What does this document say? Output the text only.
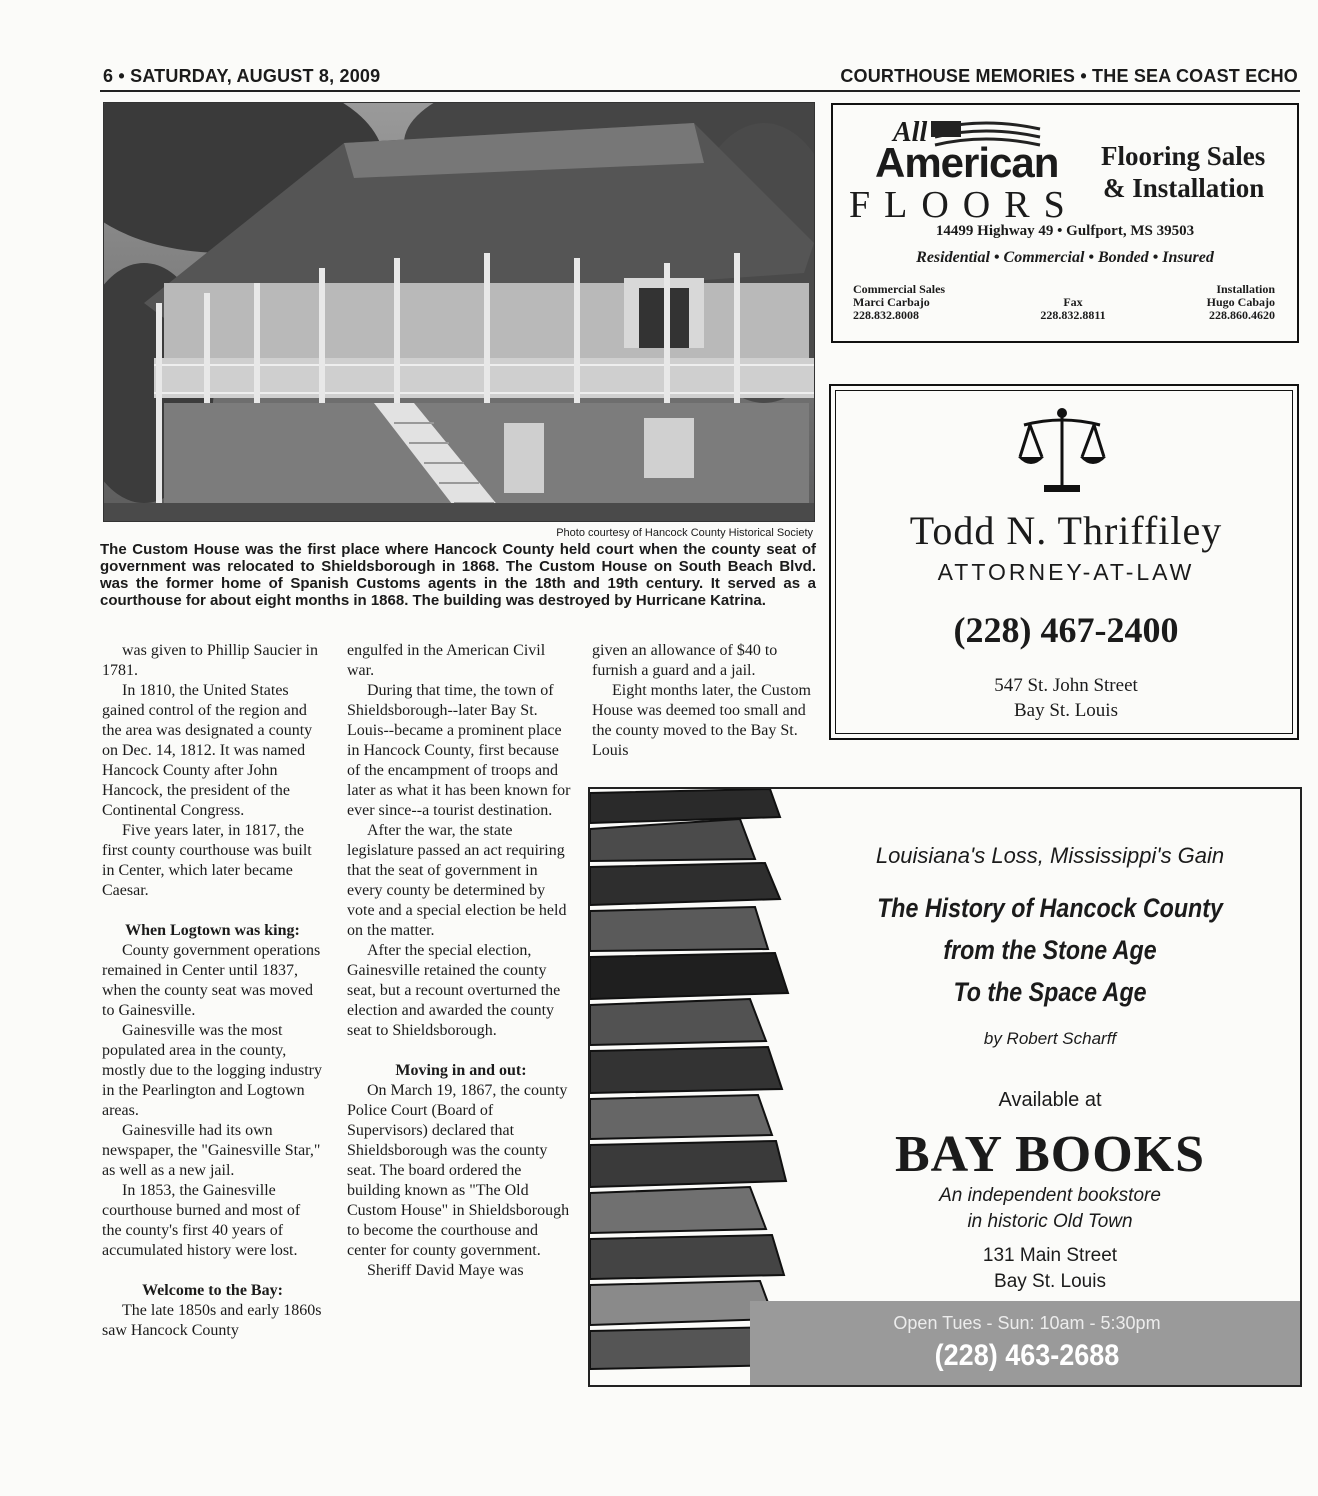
6 • SATURDAY, AUGUST 8, 2009	COURTHOUSE MEMORIES • THE SEA COAST ECHO
Photo courtesy of Hancock County Historical Society
The Custom House was the first place where Hancock County held court when the county seat of government was relocated to Shieldsborough in 1868. The Custom House on South Beach Blvd. was the former home of Spanish Customs agents in the 18th and 19th century. It served as a courthouse for about eight months in 1868. The building was destroyed by Hurricane Katrina.

was given to Phillip Saucier in 1781.

In 1810, the United States gained control of the region and the area was designated a county on Dec. 14, 1812. It was named Hancock County after John Hancock, the president of the Continental Congress.

Five years later, in 1817, the first county courthouse was built in Center, which later became Caesar.

When Logtown was king:

County government operations remained in Center until 1837, when the county seat was moved to Gainesville.

Gainesville was the most populated area in the county, mostly due to the logging industry in the Pearlington and Logtown areas.

Gainesville had its own newspaper, the "Gainesville Star," as well as a new jail.

In 1853, the Gainesville courthouse burned and most of the county's first 40 years of accumulated history were lost.

Welcome to the Bay:

The late 1850s and early 1860s saw Hancock County

engulfed in the American Civil war.

During that time, the town of Shieldsborough--later Bay St. Louis--became a prominent place in Hancock County, first because of the encampment of troops and later as what it has been known for ever since--a tourist destination.

After the war, the state legislature passed an act requiring that the seat of government in every county be determined by vote and a special election be held on the matter.

After the special election, Gainesville retained the county seat, but a recount overturned the election and awarded the county seat to Shieldsborough.

Moving in and out:

On March 19, 1867, the county Police Court (Board of Supervisors) declared that Shieldsborough was the county seat. The board ordered the building known as "The Old Custom House" in Shieldsborough to become the courthouse and center for county government.

Sheriff David Maye was

given an allowance of $40 to furnish a guard and a jail.

Eight months later, the Custom House was deemed too small and the county moved to the Bay St. Louis

All
American
FLOORS
Flooring Sales
& Installation
14499 Highway 49 • Gulfport, MS 39503
Residential • Commercial • Bonded • Insured
Commercial Sales
Marci Carbajo
228.832.8008
Fax
228.832.8811
Installation
Hugo Cabajo
228.860.4620
Todd N. Thriffiley
ATTORNEY-AT-LAW
(228) 467-2400
547 St. John Street
Bay St. Louis
Louisiana's Loss, Mississippi's Gain
The History of Hancock County
from the Stone Age
To the Space Age
by Robert Scharff
Available at
BAY BOOKS
An independent bookstore
in historic Old Town
131 Main Street
Bay St. Louis
Open Tues - Sun: 10am - 5:30pm
(228) 463-2688
